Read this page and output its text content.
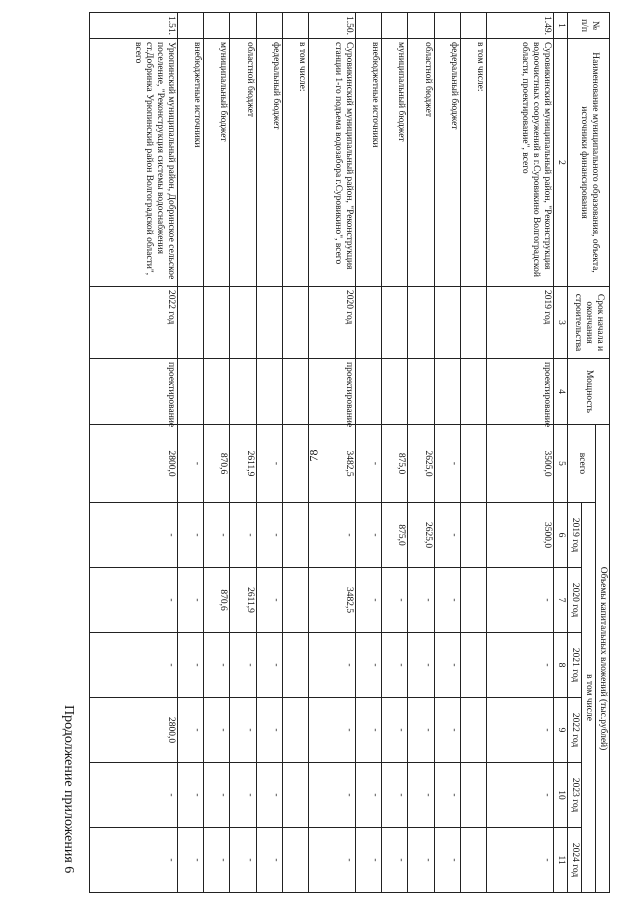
78
Продолжение приложения 6
№ п/п	Наименование муниципального образования, объекта, источники финансирования	Срок начала и окончания строительства	Мощность	Объемы капитальных вложений (тыс.рублей)						
				всего	в том числе					
					2019 год	2020 год	2021 год	2022 год	2023 год	2024 год
1	2	3	4	5	6	7	8	9	10	11
1.49.	Суровикинский муниципальный район, "Реконструкция водоочистных сооружений в г.Суровикино Волгоградской области, проектирование", всего	2019 год	проектирование	3500,0	3500,0	-	-	-	-	-
	в том числе:									
	федеральный бюджет			-	-	-	-	-	-	-
	областной бюджет			2625,0	2625,0	-	-	-	-	-
	муниципальный бюджет			875,0	875,0	-	-	-	-	-
	внебюджетные источники			-	-	-	-	-	-	-
1.50.	Суровикинский муниципальный район, "Реконструкция станции 1-го подъема водозабора г.Суровикино", всего	2020 год	проектирование	3482,5	-	3482,5	-	-	-	-
	в том числе:									
	федеральный бюджет			-	-	-	-	-	-	-
	областной бюджет			2611,9	-	2611,9	-	-	-	-
	муниципальный бюджет			870,6	-	870,6	-	-	-	-
	внебюджетные источники			-	-	-	-	-	-	-
1.51.	Урюпинский муниципальный район, Добринское сельское поселение, "Реконструкция системы водоснабжения ст.Добринка Урюпинский район Волгоградской области", всего	2022 год	проектирование	2800,0	-	-	-	2800,0	-	-
